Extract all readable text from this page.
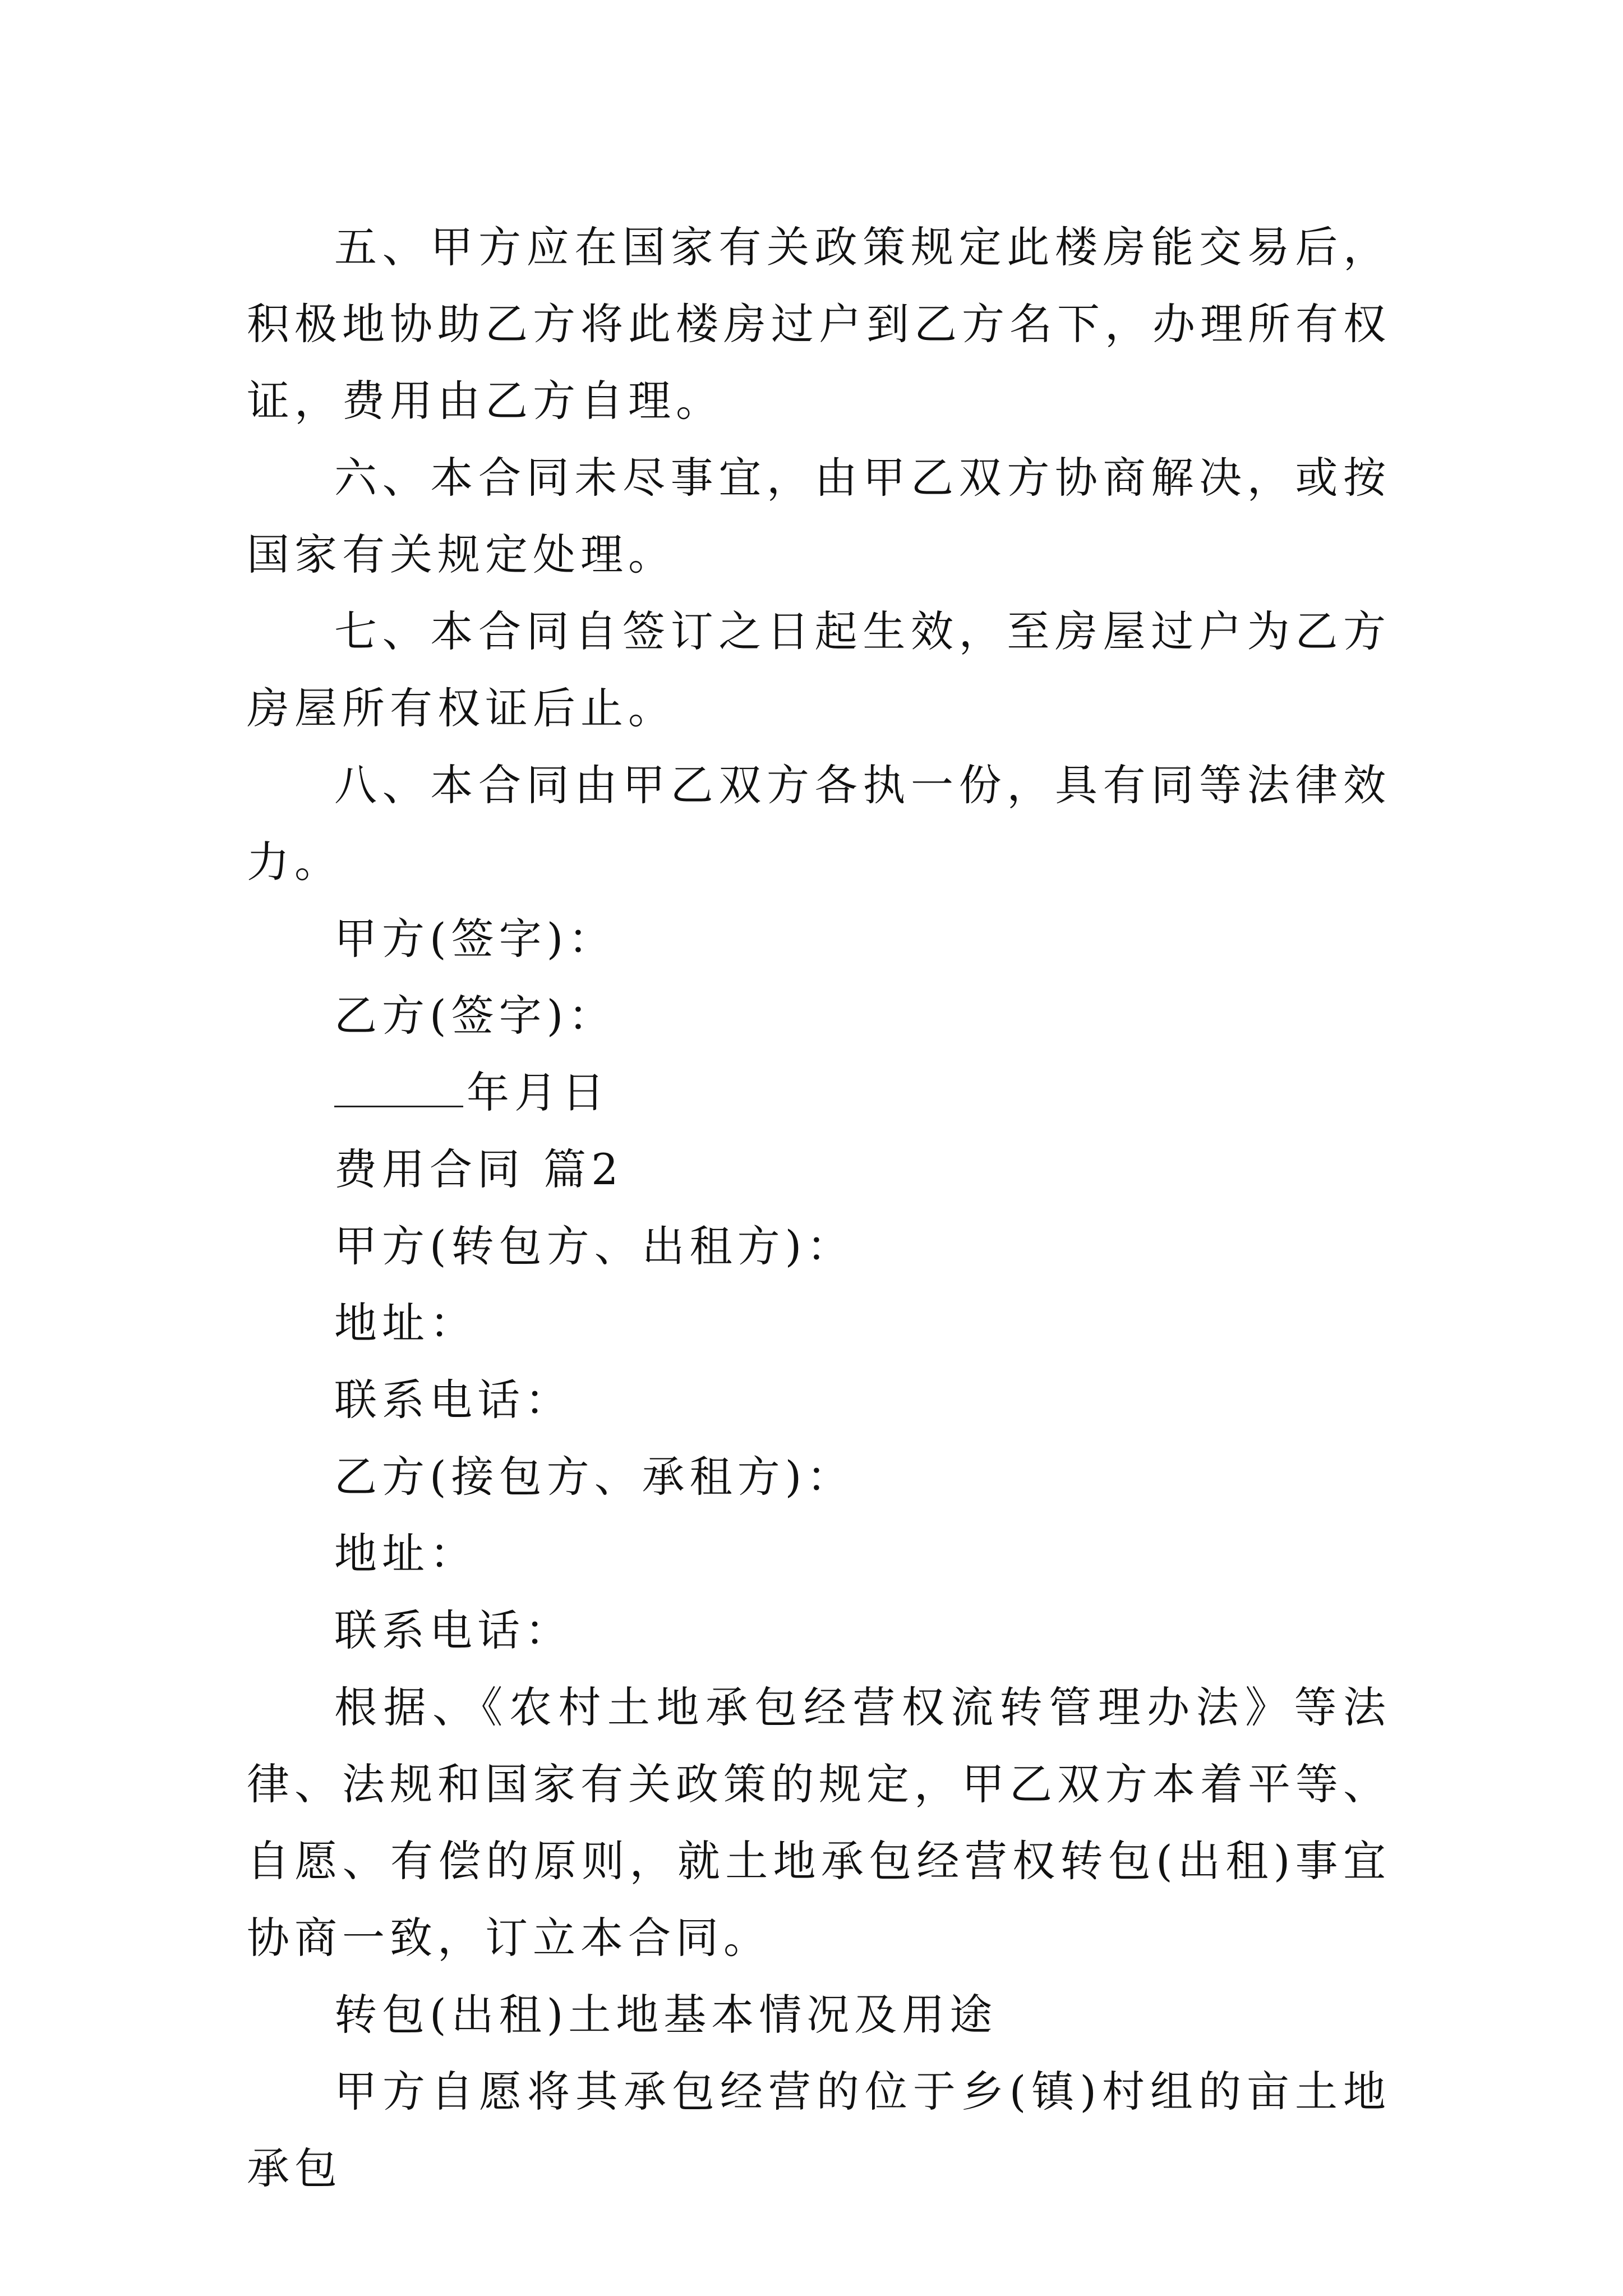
五、甲方应在国家有关政策规定此楼房能交易后，积极地协助乙方将此楼房过户到乙方名下，办理所有权证，费用由乙方自理。

六、本合同未尽事宜，由甲乙双方协商解决，或按国家有关规定处理。

七、本合同自签订之日起生效，至房屋过户为乙方房屋所有权证后止。

八、本合同由甲乙双方各执一份，具有同等法律效力。

甲方(签字)：

乙方(签字)：

年月日

费用合同 篇2

甲方(转包方、出租方)：

地址：

联系电话：

乙方(接包方、承租方)：

地址：

联系电话：

根据、《农村土地承包经营权流转管理办法》等法律、法规和国家有关政策的规定，甲乙双方本着平等、自愿、有偿的原则，就土地承包经营权转包(出租)事宜协商一致，订立本合同。

转包(出租)土地基本情况及用途

甲方自愿将其承包经营的位于乡(镇)村组的亩土地承包
